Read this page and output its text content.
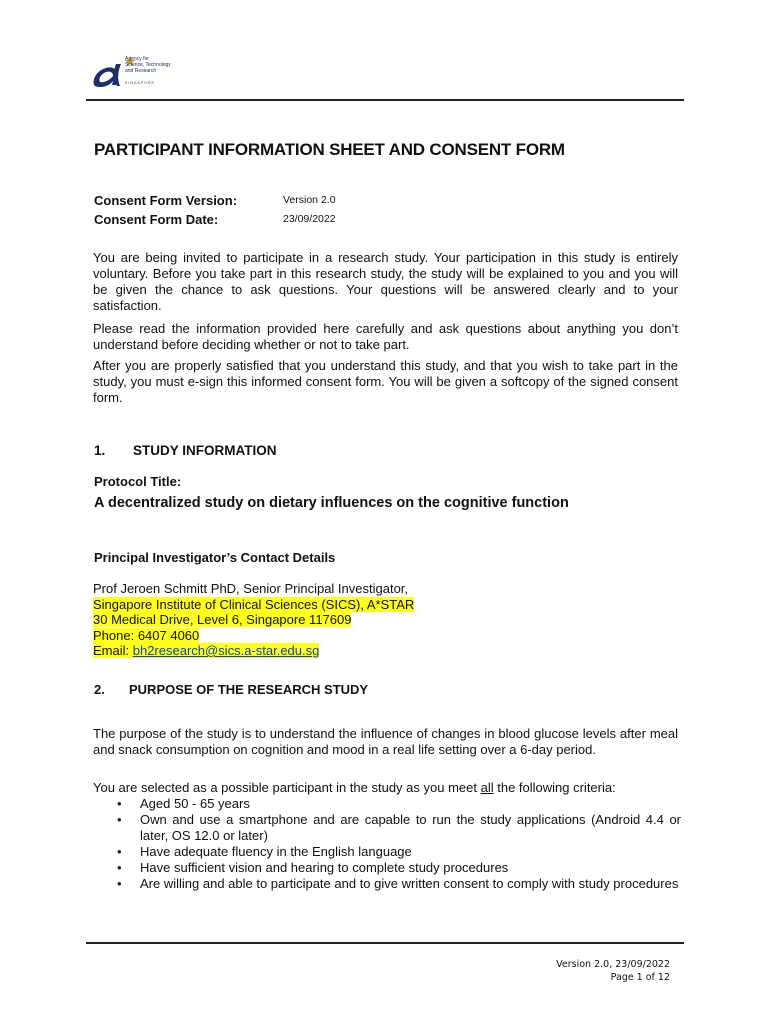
Agency for
Science, Technology
and Research
SINGAPORE
PARTICIPANT INFORMATION SHEET AND CONSENT FORM
Consent Form Version:	Version 2.0
Consent Form Date:	23/09/2022
You are being invited to participate in a research study. Your participation in this study is entirely voluntary. Before you take part in this research study, the study will be explained to you and you will be given the chance to ask questions. Your questions will be answered clearly and to your satisfaction.
Please read the information provided here carefully and ask questions about anything you don’t understand before deciding whether or not to take part.
After you are properly satisfied that you understand this study, and that you wish to take part in the study, you must e-sign this informed consent form. You will be given a softcopy of the signed consent form.
1. STUDY INFORMATION
Protocol Title:
A decentralized study on dietary influences on the cognitive function
Principal Investigator’s Contact Details
Prof Jeroen Schmitt PhD, Senior Principal Investigator,
Singapore Institute of Clinical Sciences (SICS), A*STAR
30 Medical Drive, Level 6, Singapore 117609
Phone: 6407 4060
Email: bh2research@sics.a-star.edu.sg
2. PURPOSE OF THE RESEARCH STUDY
The purpose of the study is to understand the influence of changes in blood glucose levels after meal and snack consumption on cognition and mood in a real life setting over a 6-day period.
You are selected as a possible participant in the study as you meet all the following criteria:
• Aged 50 - 65 years
• Own and use a smartphone and are capable to run the study applications (Android 4.4 or later, OS 12.0 or later)
• Have adequate fluency in the English language
• Have sufficient vision and hearing to complete study procedures
• Are willing and able to participate and to give written consent to comply with study procedures
Version 2.0, 23/09/2022
Page 1 of 12
